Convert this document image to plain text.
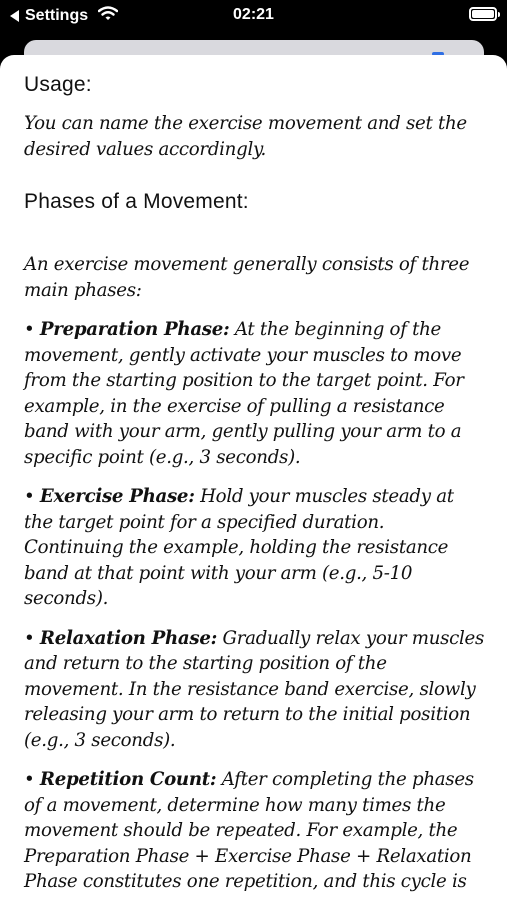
Settings	02:21
Usage:

You can name the exercise movement and set the desired values accordingly.

Phases of a Movement:

An exercise movement generally consists of three main phases:

• Preparation Phase: At the beginning of the movement, gently activate your muscles to move from the starting position to the target point. For example, in the exercise of pulling a resistance band with your arm, gently pulling your arm to a specific point (e.g., 3 seconds).

• Exercise Phase: Hold your muscles steady at the target point for a specified duration. Continuing the example, holding the resistance band at that point with your arm (e.g., 5-10 seconds).

• Relaxation Phase: Gradually relax your muscles and return to the starting position of the movement. In the resistance band exercise, slowly releasing your arm to return to the initial position (e.g., 3 seconds).

• Repetition Count: After completing the phases of a movement, determine how many times the movement should be repeated. For example, the Preparation Phase + Exercise Phase + Relaxation Phase constitutes one repetition, and this cycle is
